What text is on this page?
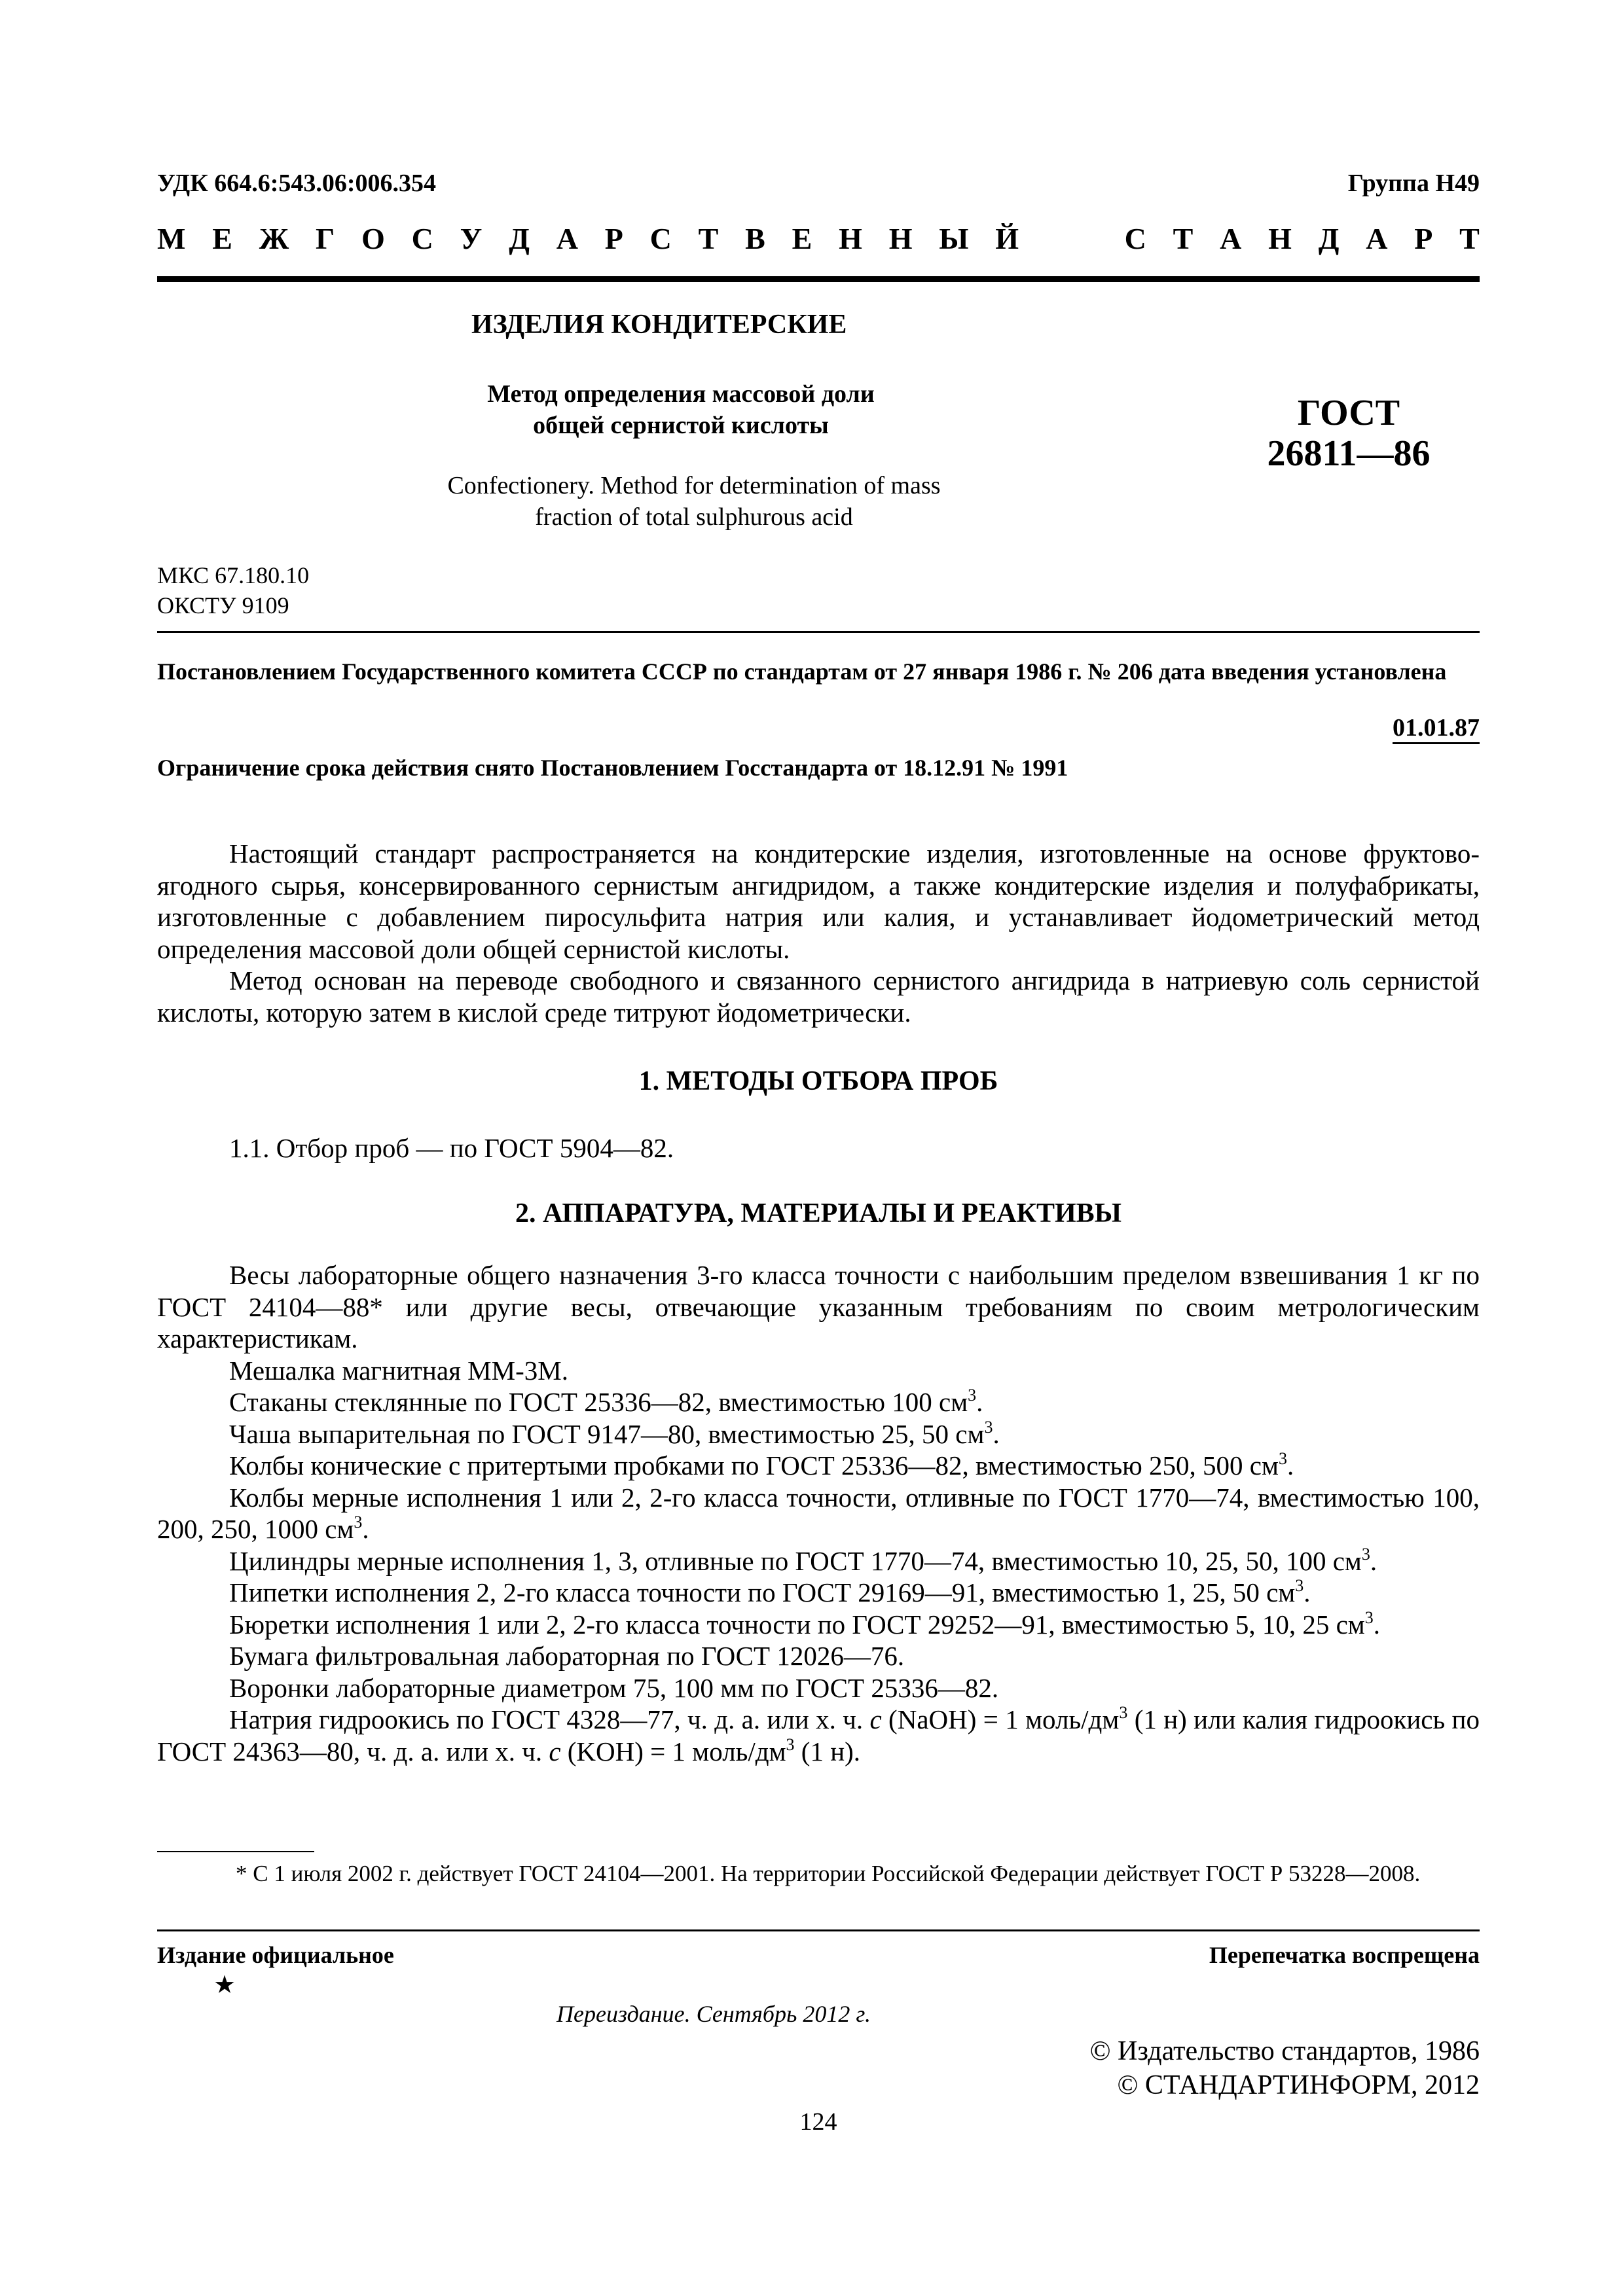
УДК 664.6:543.06:006.354	Группа Н49
М Е Ж Г О С У Д А Р С Т В Е Н Н Ы Й	С Т А Н Д А Р Т
ИЗДЕЛИЯ КОНДИТЕРСКИЕ
Метод определения массовой доли
общей сернистой кислоты	ГОСТ
26811—86
Confectionery. Method for determination of mass
fraction of total sulphurous acid
МКС 67.180.10
ОКСТУ 9109
Постановлением Государственного комитета СССР по стандартам от 27 января 1986 г. № 206 дата введения установлена
01.01.87
Ограничение срока действия снято Постановлением Госстандарта от 18.12.91 № 1991

Настоящий стандарт распространяется на кондитерские изделия, изготовленные на основе фруктово-ягодного сырья, консервированного сернистым ангидридом, а также кондитерские изделия и полуфабрикаты, изготовленные с добавлением пиросульфита натрия или калия, и устанавливает йодометрический метод определения массовой доли общей сернистой кислоты.

Метод основан на переводе свободного и связанного сернистого ангидрида в натриевую соль сернистой кислоты, которую затем в кислой среде титруют йодометрически.

1. МЕТОДЫ ОТБОРА ПРОБ

1.1. Отбор проб — по ГОСТ 5904—82.

2. АППАРАТУРА, МАТЕРИАЛЫ И РЕАКТИВЫ

Весы лабораторные общего назначения 3-го класса точности с наибольшим пределом взвешивания 1 кг по ГОСТ 24104—88* или другие весы, отвечающие указанным требованиям по своим метрологическим характеристикам.

Мешалка магнитная ММ-3М.

Стаканы стеклянные по ГОСТ 25336—82, вместимостью 100 $см^3$.

Чаша выпарительная по ГОСТ 9147—80, вместимостью 25, 50 $см^3$.

Колбы конические с притертыми пробками по ГОСТ 25336—82, вместимостью 250, 500 $см^3$.

Колбы мерные исполнения 1 или 2, 2-го класса точности, отливные по ГОСТ 1770—74, вместимостью 100, 200, 250, 1000 $см^3$.

Цилиндры мерные исполнения 1, 3, отливные по ГОСТ 1770—74, вместимостью 10, 25, 50, 100 $см^3$.

Пипетки исполнения 2, 2-го класса точности по ГОСТ 29169—91, вместимостью 1, 25, 50 $см^3$.

Бюретки исполнения 1 или 2, 2-го класса точности по ГОСТ 29252—91, вместимостью 5, 10, 25 $см^3$.

Бумага фильтровальная лабораторная по ГОСТ 12026—76.

Воронки лабораторные диаметром 75, 100 мм по ГОСТ 25336—82.

Натрия гидроокись по ГОСТ 4328—77, ч. д. а. или х. ч. c (NaOH) = 1 моль/$дм^3$ (1 н) или калия гидроокись по ГОСТ 24363—80, ч. д. а. или х. ч. c (KOH) = 1 моль/$дм^3$ (1 н).

* С 1 июля 2002 г. действует ГОСТ 24104—2001. На территории Российской Федерации действует ГОСТ Р 53228—2008.
Издание официальное	Перепечатка воспрещена
★
Переиздание. Сентябрь 2012 г.
© Издательство стандартов, 1986
© СТАНДАРТИНФОРМ, 2012
124
